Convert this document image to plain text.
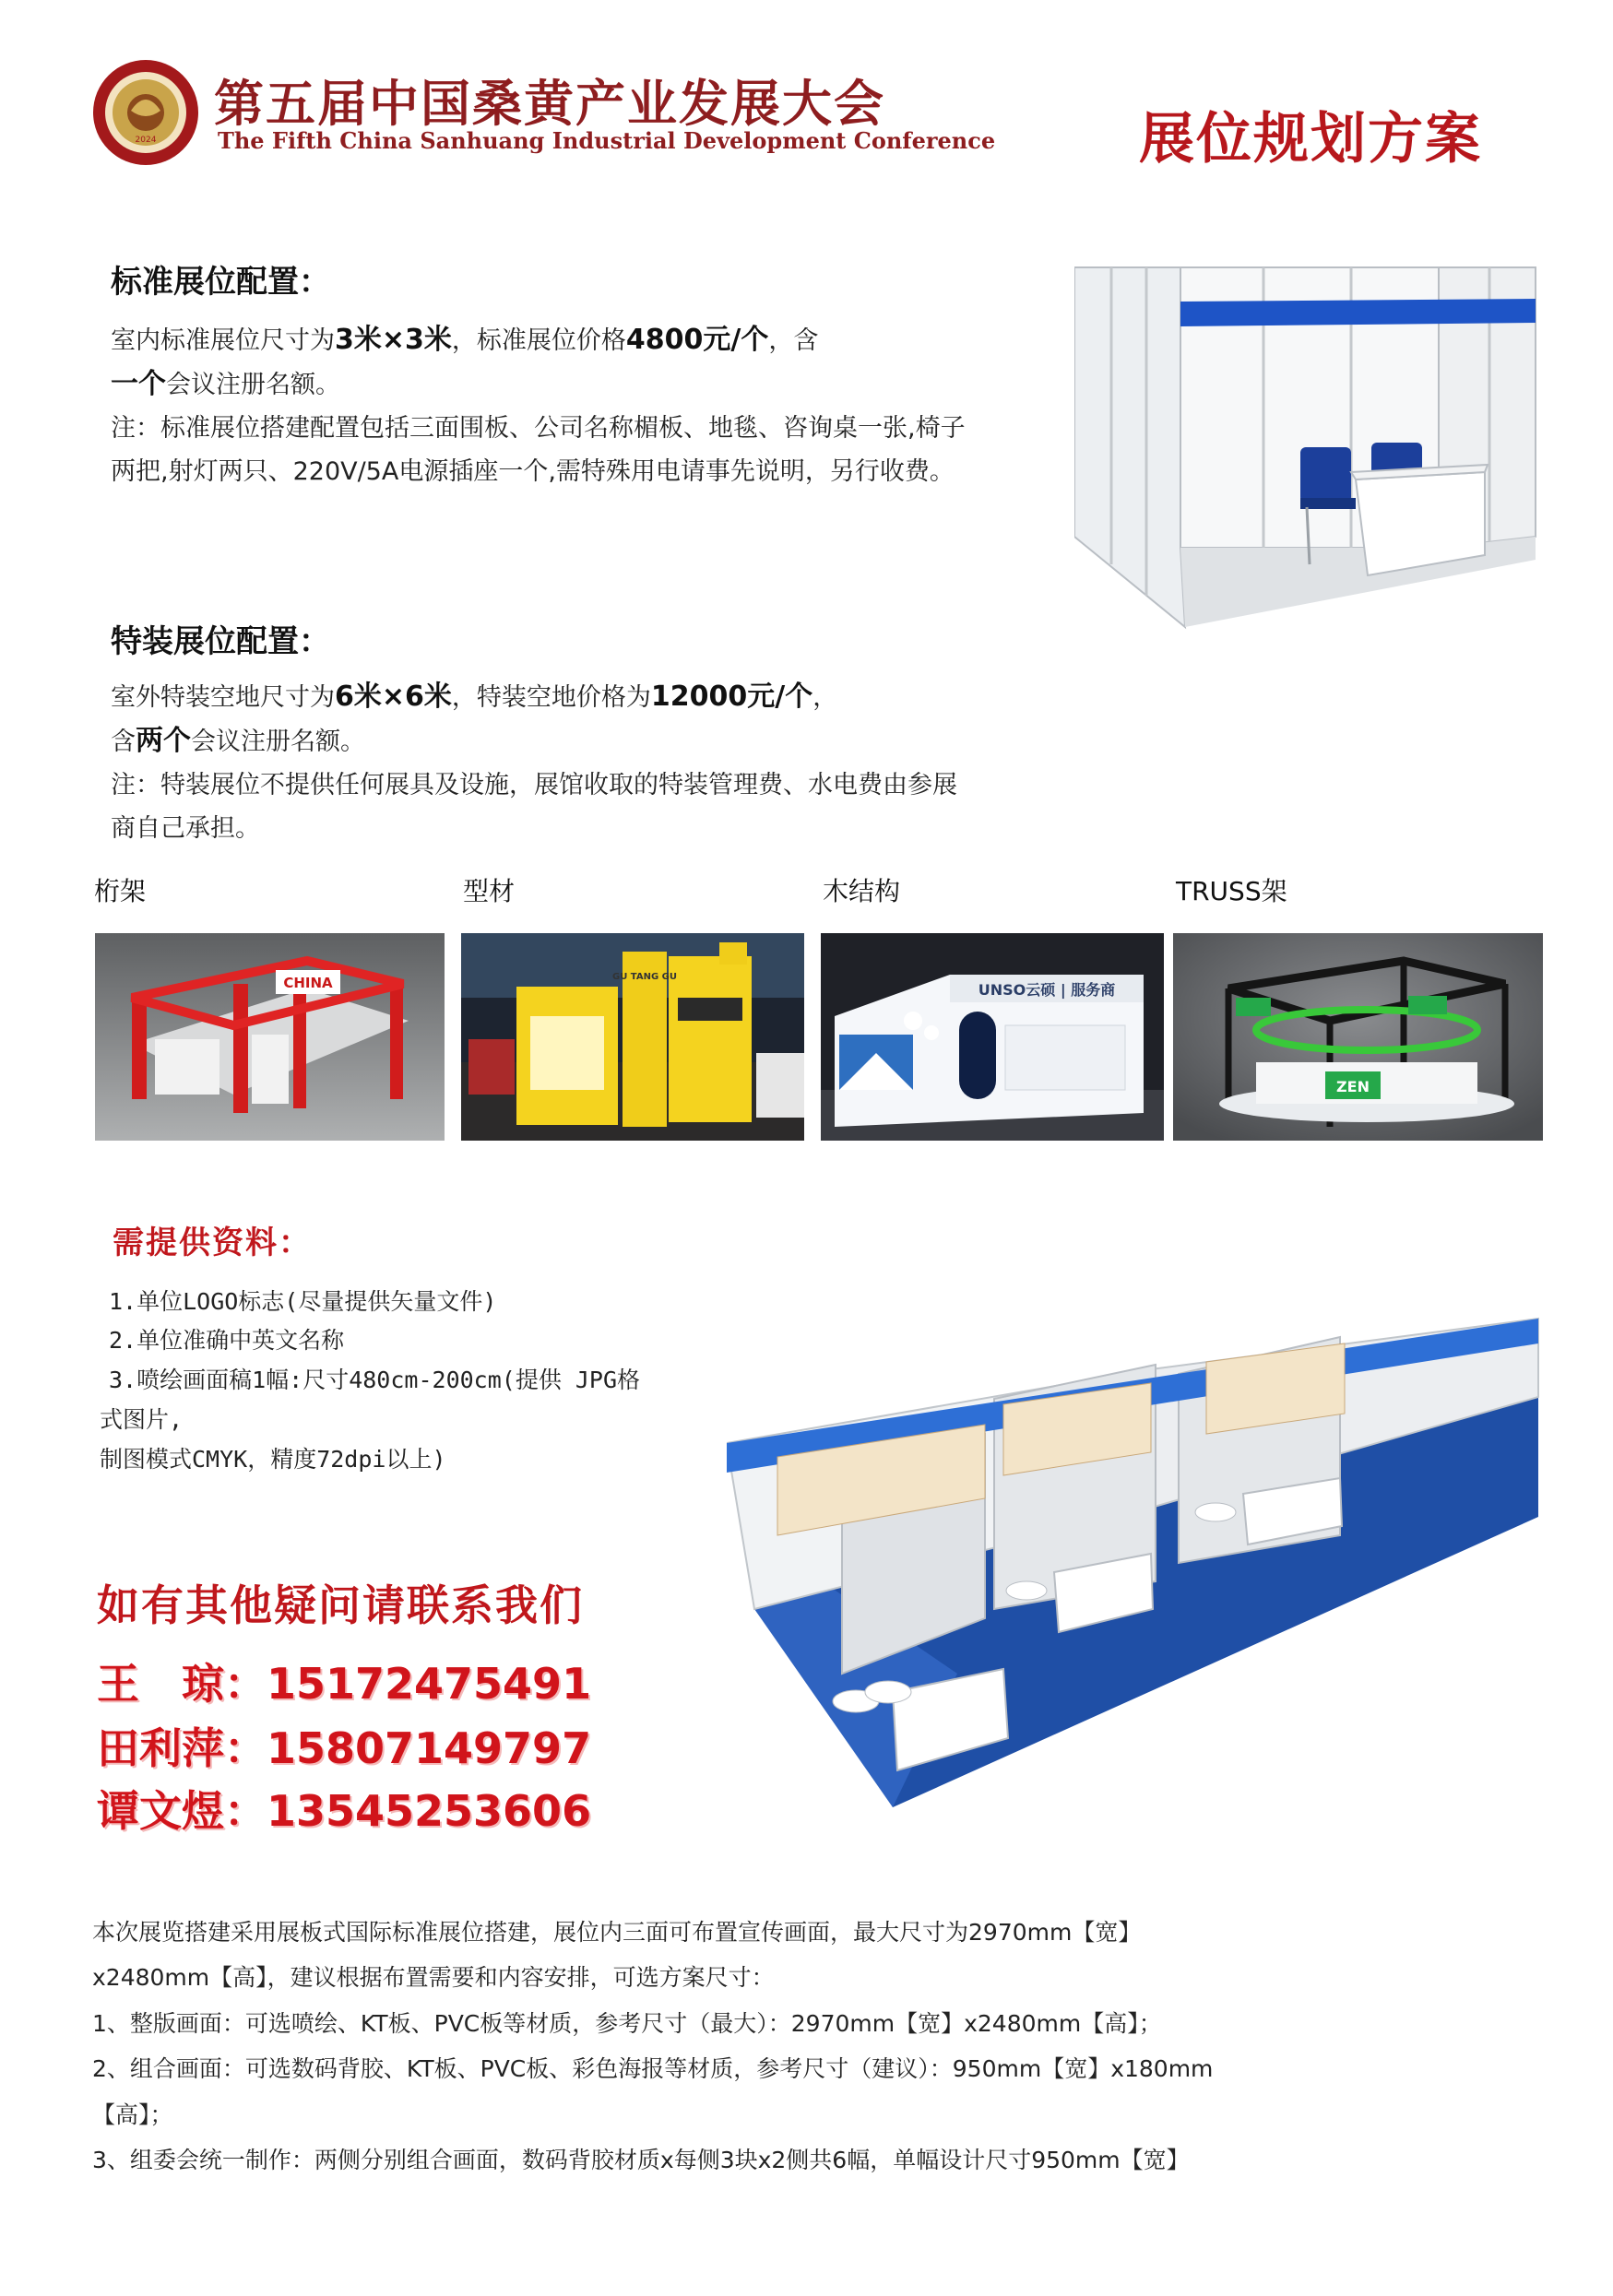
2024
第五届中国桑黄产业发展大会
The Fifth China Sanhuang Industrial Development Conference	展位规划方案
标准展位配置：
室内标准展位尺寸为3米×3米，标准展位价格4800元/个，含
一个会议注册名额。
注：标准展位搭建配置包括三面围板、公司名称楣板、地毯、咨询桌一张,椅子两把,射灯两只、220V/5A电源插座一个,需特殊用电请事先说明，另行收费。
特装展位配置：
室外特装空地尺寸为6米×6米，特装空地价格为12000元/个，
含两个会议注册名额。
注：特装展位不提供任何展具及设施，展馆收取的特装管理费、水电费由参展商自己承担。
桁架	型材	木结构	TRUSS架
CHINA	GU TANG GU
UNSO云硕 | 服务商
ZEN
需提供资料：
1.单位LOGO标志(尽量提供矢量文件)
2.单位准确中英文名称
3.喷绘画面稿1幅:尺寸480cm-200cm(提供 JPG格
式图片,
制图模式CMYK，精度72dpi以上)
如有其他疑问请联系我们
王　琼：15172475491
田利萍：15807149797
谭文煜：13545253606
本次展览搭建采用展板式国际标准展位搭建，展位内三面可布置宣传画面，最大尺寸为2970mm【宽】
x2480mm【高】，建议根据布置需要和内容安排，可选方案尺寸：
1、整版画面：可选喷绘、KT板、PVC板等材质，参考尺寸（最大）：2970mm【宽】x2480mm【高】；
2、组合画面：可选数码背胶、KT板、PVC板、彩色海报等材质，参考尺寸（建议）：950mm【宽】x180mm
【高】；
3、组委会统一制作：两侧分别组合画面，数码背胶材质x每侧3块x2侧共6幅，单幅设计尺寸950mm【宽】
